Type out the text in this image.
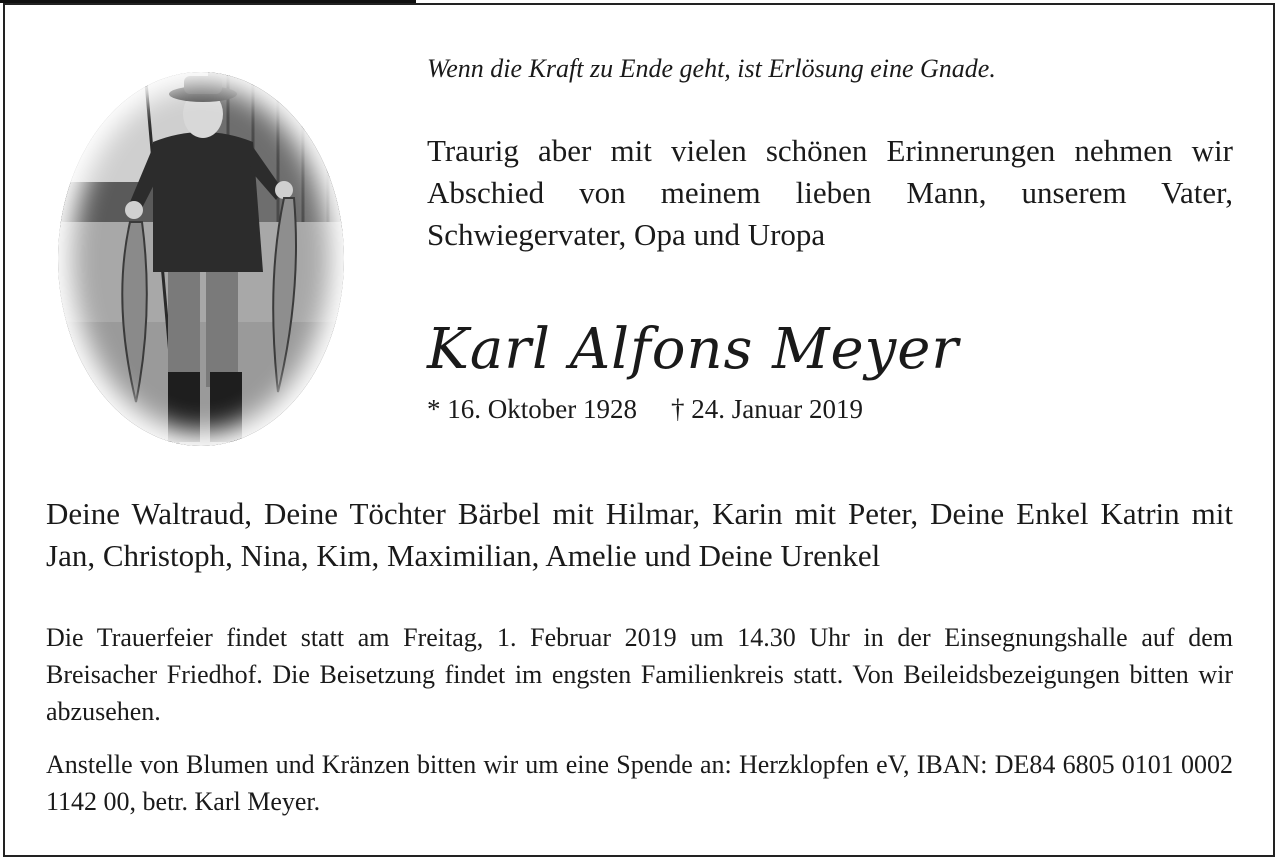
Wenn die Kraft zu Ende geht, ist Erlösung eine Gnade.
Traurig aber mit vielen schönen Erinnerungen nehmen wir Abschied von meinem lieben Mann, unserem Vater, Schwiegervater, Opa und Uropa
Karl Alfons Meyer
* 16. Oktober 1928 † 24. Januar 2019
Deine Waltraud, Deine Töchter Bärbel mit Hilmar, Karin mit Peter, Deine Enkel Katrin mit Jan, Christoph, Nina, Kim, Maximilian, Amelie und Deine Urenkel
Die Trauerfeier findet statt am Freitag, 1. Februar 2019 um 14.30 Uhr in der Einsegnungshalle auf dem Breisacher Friedhof. Die Beisetzung findet im engsten Familienkreis statt. Von Beileidsbezeigungen bitten wir abzusehen.
Anstelle von Blumen und Kränzen bitten wir um eine Spende an: Herzklopfen eV, IBAN: DE84 6805 0101 0002 1142 00, betr. Karl Meyer.
